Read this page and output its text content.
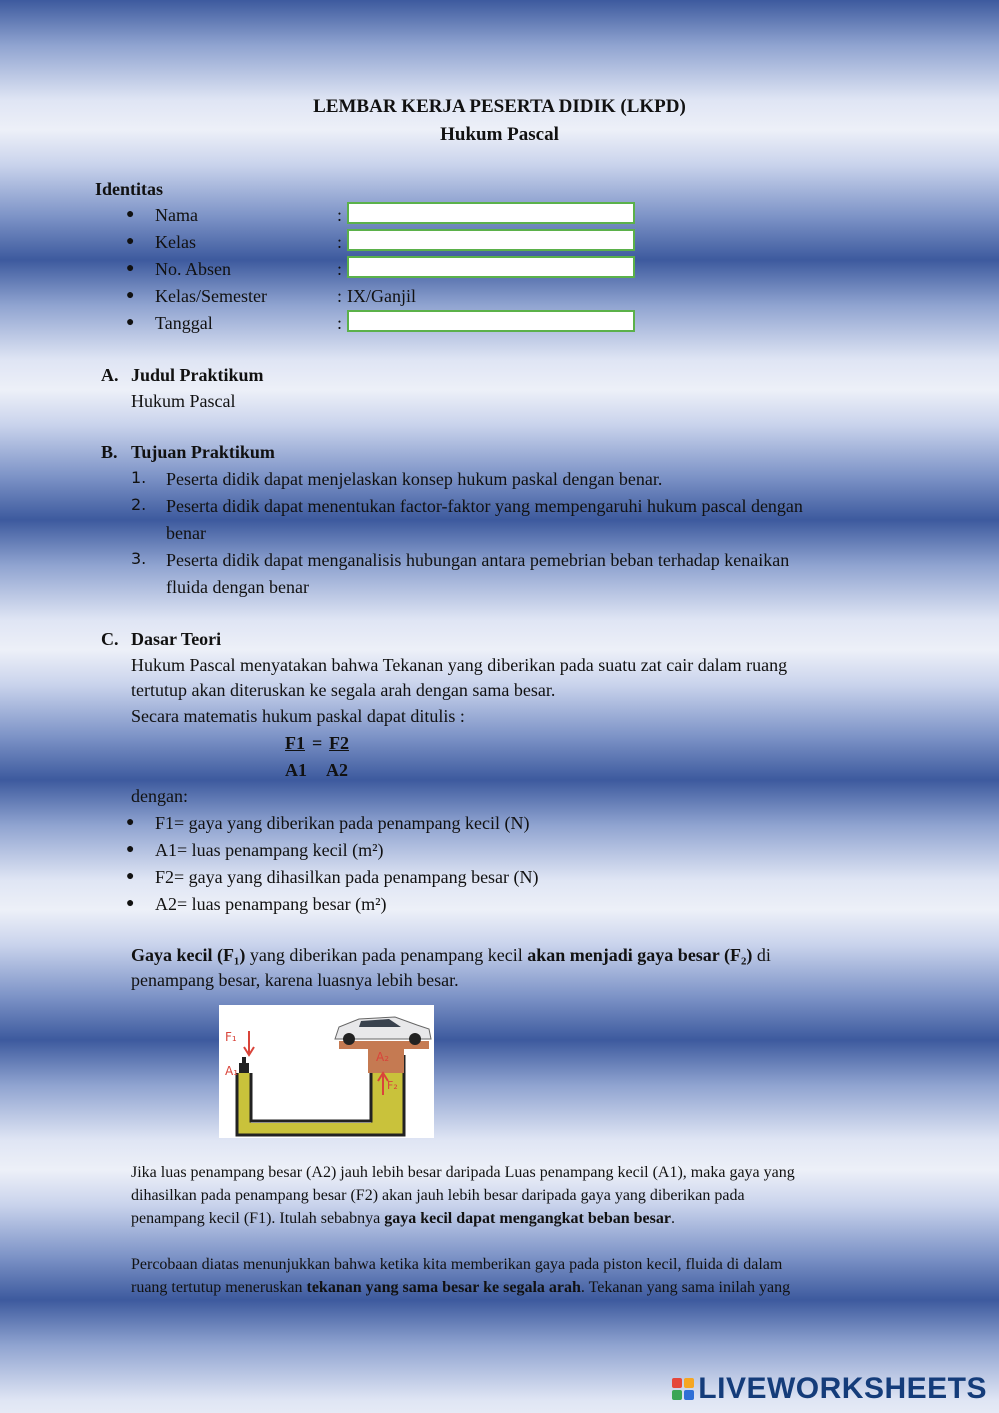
LEMBAR KERJA PESERTA DIDIK (LKPD)
Hukum Pascal
Identitas
● Nama	:
● Kelas	:
● No. Absen	:
● Kelas/Semester	: IX/Ganjil
● Tanggal	:
A. Judul Praktikum
Hukum Pascal
B. Tujuan Praktikum
1. Peserta didik dapat menjelaskan konsep hukum paskal dengan benar.
2. Peserta didik dapat menentukan factor-faktor yang mempengaruhi hukum pascal dengan
benar
3. Peserta didik dapat menganalisis hubungan antara pemebrian beban terhadap kenaikan
fluida dengan benar
C. Dasar Teori
Hukum Pascal menyatakan bahwa Tekanan yang diberikan pada suatu zat cair dalam ruang
tertutup akan diteruskan ke segala arah dengan sama besar.
Secara matematis hukum paskal dapat ditulis :
F1 = F2
A1 A2
dengan:
● F1= gaya yang diberikan pada penampang kecil (N)
● A1= luas penampang kecil (m²)
● F2= gaya yang dihasilkan pada penampang besar (N)
● A2= luas penampang besar (m²)
Gaya kecil (F₁) yang diberikan pada penampang kecil akan menjadi gaya besar (F₂) di
penampang besar, karena luasnya lebih besar.
F₁
A₁
A₂
F₂
Jika luas penampang besar (A2) jauh lebih besar daripada Luas penampang kecil (A1), maka gaya yang
dihasilkan pada penampang besar (F2) akan jauh lebih besar daripada gaya yang diberikan pada
penampang kecil (F1). Itulah sebabnya gaya kecil dapat mengangkat beban besar.
Percobaan diatas menunjukkan bahwa ketika kita memberikan gaya pada piston kecil, fluida di dalam
ruang tertutup meneruskan tekanan yang sama besar ke segala arah. Tekanan yang sama inilah yang
LIVEWORKSHEETS
